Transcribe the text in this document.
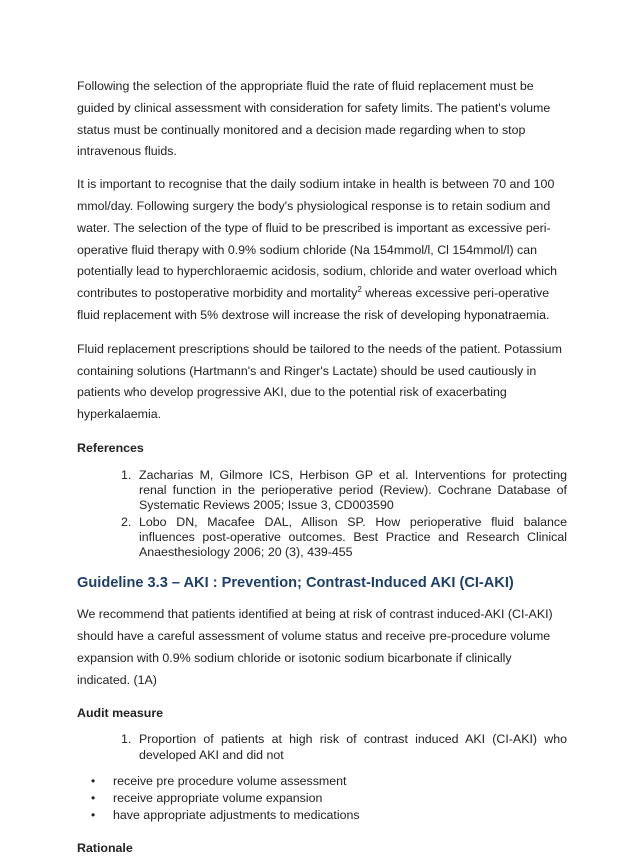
Following the selection of the appropriate fluid the rate of fluid replacement must be guided by clinical assessment with consideration for safety limits. The patient's volume status must be continually monitored and a decision made regarding when to stop intravenous fluids.

It is important to recognise that the daily sodium intake in health is between 70 and 100 mmol/day. Following surgery the body's physiological response is to retain sodium and water. The selection of the type of fluid to be prescribed is important as excessive peri-operative fluid therapy with 0.9% sodium chloride (Na 154mmol/l, Cl 154mmol/l) can potentially lead to hyperchloraemic acidosis, sodium, chloride and water overload which contributes to postoperative morbidity and mortality$^2$ whereas excessive peri-operative fluid replacement with 5% dextrose will increase the risk of developing hyponatraemia.

Fluid replacement prescriptions should be tailored to the needs of the patient. Potassium containing solutions (Hartmann's and Ringer's Lactate) should be used cautiously in patients who develop progressive AKI, due to the potential risk of exacerbating hyperkalaemia.

References
1. Zacharias M, Gilmore ICS, Herbison GP et al. Interventions for protecting renal function in the perioperative period (Review). Cochrane Database of Systematic Reviews 2005; Issue 3, CD003590
2. Lobo DN, Macafee DAL, Allison SP. How perioperative fluid balance influences post-operative outcomes. Best Practice and Research Clinical Anaesthesiology 2006; 20 (3), 439-455
Guideline 3.3 – AKI : Prevention; Contrast-Induced AKI (CI-AKI)

We recommend that patients identified at being at risk of contrast induced-AKI (CI-AKI) should have a careful assessment of volume status and receive pre-procedure volume expansion with 0.9% sodium chloride or isotonic sodium bicarbonate if clinically indicated. (1A)

Audit measure
1. Proportion of patients at high risk of contrast induced AKI (CI-AKI) who developed AKI and did not
• receive pre procedure volume assessment
• receive appropriate volume expansion
• have appropriate adjustments to medications
Rationale
